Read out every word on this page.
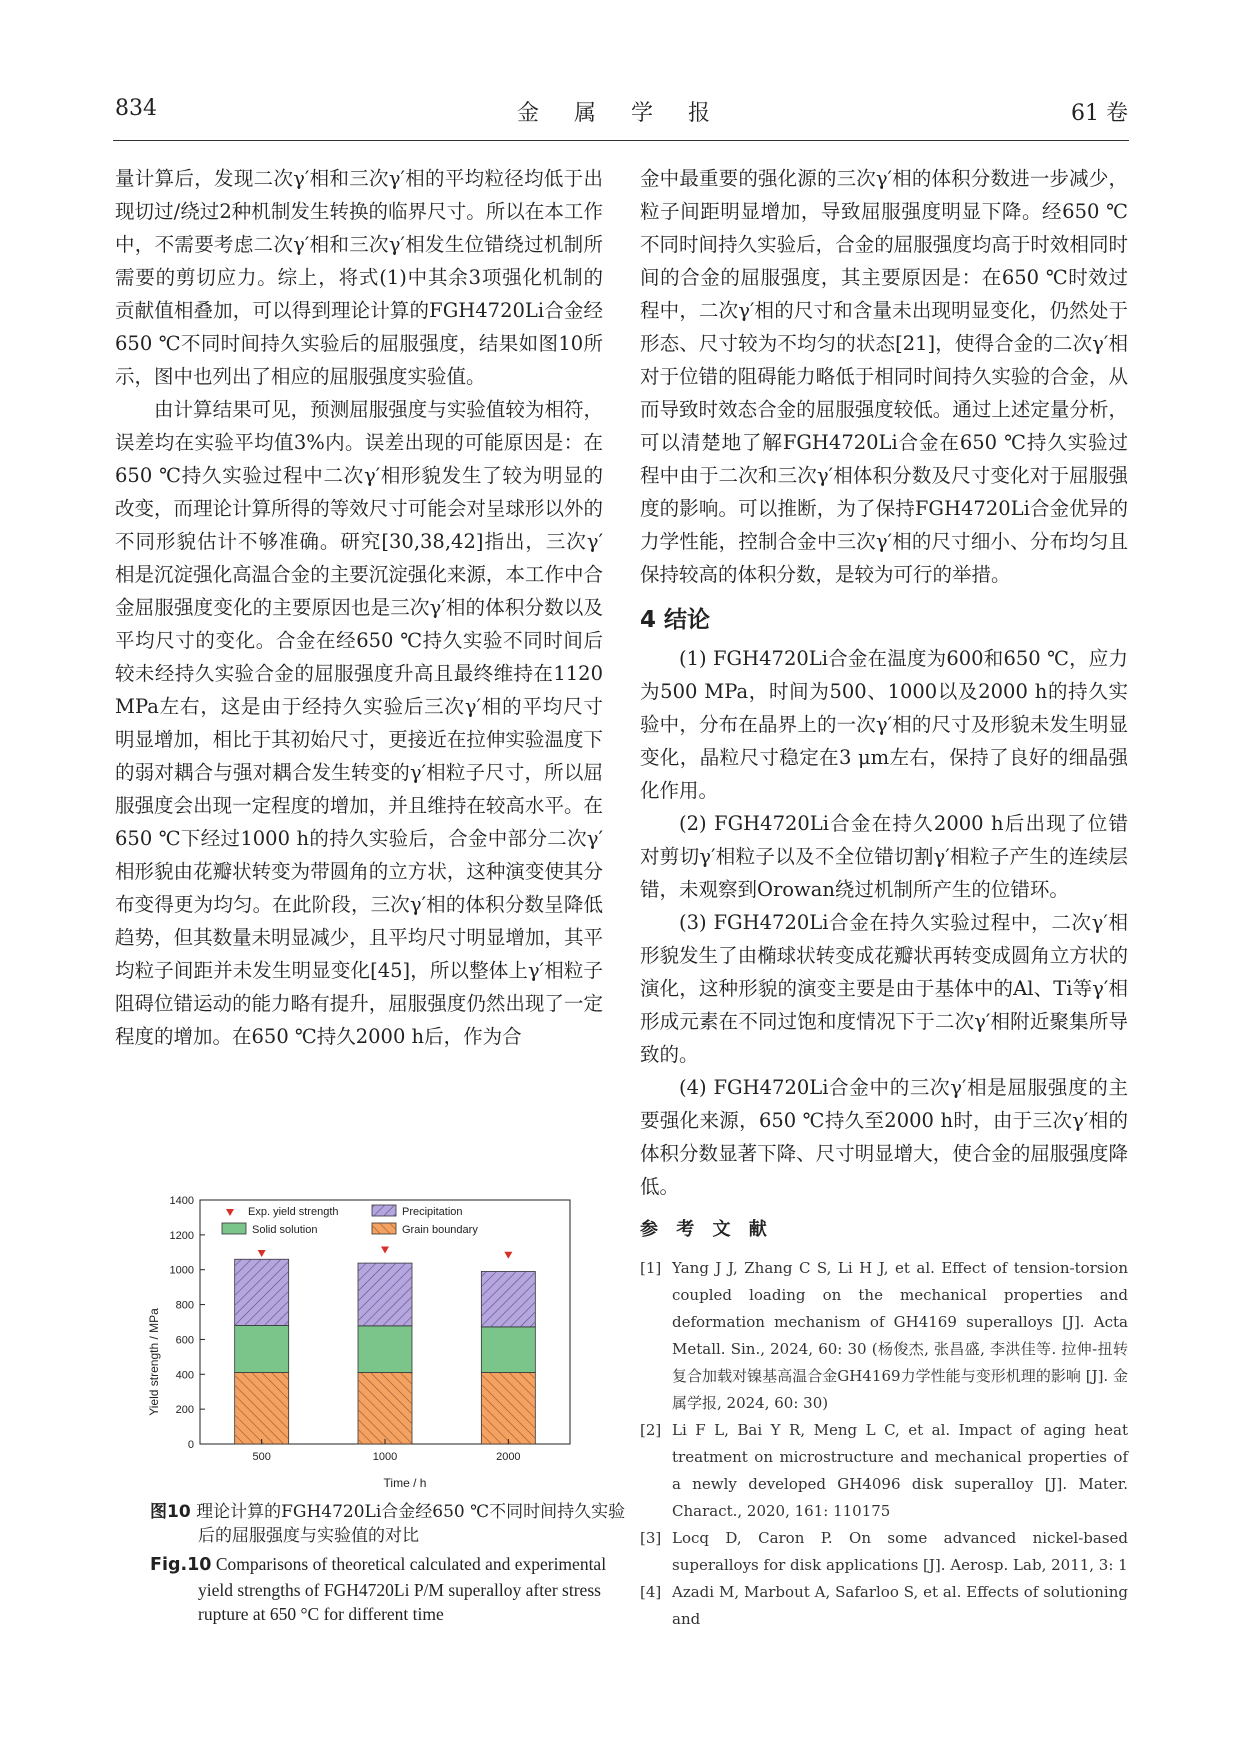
834	金 属 学 报	61 卷

量计算后，发现二次γ′相和三次γ′相的平均粒径均低于出现切过/绕过2种机制发生转换的临界尺寸。所以在本工作中，不需要考虑二次γ′相和三次γ′相发生位错绕过机制所需要的剪切应力。综上，将式(1)中其余3项强化机制的贡献值相叠加，可以得到理论计算的FGH4720Li合金经650 ℃不同时间持久实验后的屈服强度，结果如图10所示，图中也列出了相应的屈服强度实验值。

由计算结果可见，预测屈服强度与实验值较为相符，误差均在实验平均值3%内。误差出现的可能原因是：在650 ℃持久实验过程中二次γ′相形貌发生了较为明显的改变，而理论计算所得的等效尺寸可能会对呈球形以外的不同形貌估计不够准确。研究[30,38,42]指出，三次γ′相是沉淀强化高温合金的主要沉淀强化来源，本工作中合金屈服强度变化的主要原因也是三次γ′相的体积分数以及平均尺寸的变化。合金在经650 ℃持久实验不同时间后较未经持久实验合金的屈服强度升高且最终维持在1120 MPa左右，这是由于经持久实验后三次γ′相的平均尺寸明显增加，相比于其初始尺寸，更接近在拉伸实验温度下的弱对耦合与强对耦合发生转变的γ′相粒子尺寸，所以屈服强度会出现一定程度的增加，并且维持在较高水平。在650 ℃下经过1000 h的持久实验后，合金中部分二次γ′相形貌由花瓣状转变为带圆角的立方状，这种演变使其分布变得更为均匀。在此阶段，三次γ′相的体积分数呈降低趋势，但其数量未明显减少，且平均尺寸明显增加，其平均粒子间距并未发生明显变化[45]，所以整体上γ′相粒子阻碍位错运动的能力略有提升，屈服强度仍然出现了一定程度的增加。在650 ℃持久2000 h后，作为合

金中最重要的强化源的三次γ′相的体积分数进一步减少，粒子间距明显增加，导致屈服强度明显下降。经650 ℃不同时间持久实验后，合金的屈服强度均高于时效相同时间的合金的屈服强度，其主要原因是：在650 ℃时效过程中，二次γ′相的尺寸和含量未出现明显变化，仍然处于形态、尺寸较为不均匀的状态[21]，使得合金的二次γ′相对于位错的阻碍能力略低于相同时间持久实验的合金，从而导致时效态合金的屈服强度较低。通过上述定量分析，可以清楚地了解FGH4720Li合金在650 ℃持久实验过程中由于二次和三次γ′相体积分数及尺寸变化对于屈服强度的影响。可以推断，为了保持FGH4720Li合金优异的力学性能，控制合金中三次γ′相的尺寸细小、分布均匀且保持较高的体积分数，是较为可行的举措。

4 结论

(1) FGH4720Li合金在温度为600和650 ℃，应力为500 MPa，时间为500、1000以及2000 h的持久实验中，分布在晶界上的一次γ′相的尺寸及形貌未发生明显变化，晶粒尺寸稳定在3 μm左右，保持了良好的细晶强化作用。

(2) FGH4720Li合金在持久2000 h后出现了位错对剪切γ′相粒子以及不全位错切割γ′相粒子产生的连续层错，未观察到Orowan绕过机制所产生的位错环。

(3) FGH4720Li合金在持久实验过程中，二次γ′相形貌发生了由椭球状转变成花瓣状再转变成圆角立方状的演化，这种形貌的演变主要是由于基体中的Al、Ti等γ′相形成元素在不同过饱和度情况下于二次γ′相附近聚集所导致的。

(4) FGH4720Li合金中的三次γ′相是屈服强度的主要强化来源，650 ℃持久至2000 h时，由于三次γ′相的体积分数显著下降、尺寸明显增大，使合金的屈服强度降低。

参 考 文 献
[1] Yang J J, Zhang C S, Li H J, et al. Effect of tension-torsion coupled loading on the mechanical properties and deformation mechanism of GH4169 superalloys [J]. Acta Metall. Sin., 2024, 60: 30 (杨俊杰, 张昌盛, 李洪佳等. 拉伸-扭转复合加载对镍基高温合金GH4169力学性能与变形机理的影响 [J]. 金属学报, 2024, 60: 30)
[2] Li F L, Bai Y R, Meng L C, et al. Impact of aging heat treatment on microstructure and mechanical properties of a newly developed GH4096 disk superalloy [J]. Mater. Charact., 2020, 161: 110175
[3] Locq D, Caron P. On some advanced nickel-based superalloys for disk applications [J]. Aerosp. Lab, 2011, 3: 1
[4] Azadi M, Marbout A, Safarloo S, et al. Effects of solutioning and
0
200
400
600
800
1000
1200
1400
500	1000	2000
Exp. yield strength	Precipitation
Solid solution	Grain boundary
Yield strength / MPa
Time / h
图10 理论计算的FGH4720Li合金经650 ℃不同时间持久实验后的屈服强度与实验值的对比
Fig.10 Comparisons of theoretical calculated and experimental yield strengths of FGH4720Li P/M superalloy after stress rupture at 650 °C for different time
